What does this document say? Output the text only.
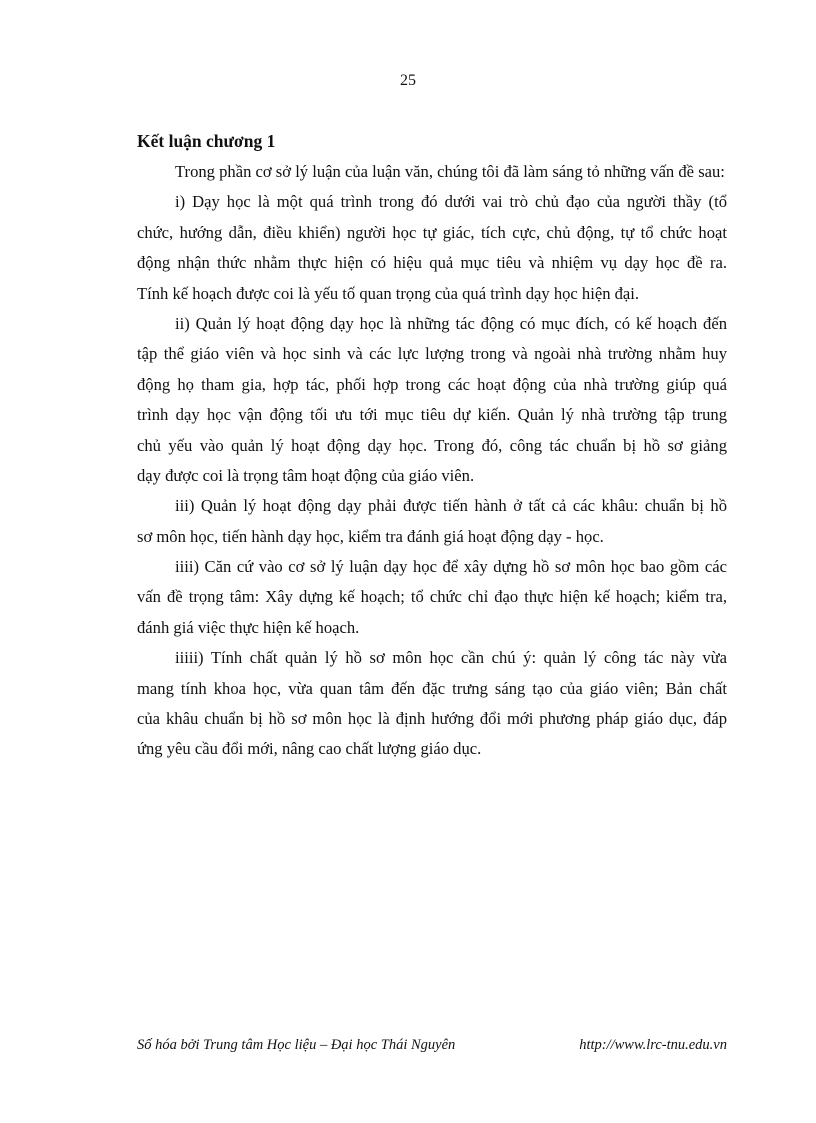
25
Kết luận chương 1
Trong phần cơ sở lý luận của luận văn, chúng tôi đã làm sáng tỏ những vấn đề sau:
i) Dạy học là một quá trình trong đó dưới vai trò chủ đạo của người thầy (tổ
chức, hướng dẫn, điều khiển) người học tự giác, tích cực, chủ động, tự tổ chức hoạt
động nhận thức nhằm thực hiện có hiệu quả mục tiêu và nhiệm vụ dạy học đề ra.
Tính kế hoạch được coi là yếu tố quan trọng của quá trình dạy học hiện đại.
ii) Quản lý hoạt động dạy học là những tác động có mục đích, có kế hoạch đến
tập thể giáo viên và học sinh và các lực lượng trong và ngoài nhà trường nhằm huy
động họ tham gia, hợp tác, phối hợp trong các hoạt động của nhà trường giúp quá
trình dạy học vận động tối ưu tới mục tiêu dự kiến. Quản lý nhà trường tập trung
chủ yếu vào quản lý hoạt động dạy học. Trong đó, công tác chuẩn bị hồ sơ giảng
dạy được coi là trọng tâm hoạt động của giáo viên.
iii) Quản lý hoạt động dạy phải được tiến hành ở tất cả các khâu: chuẩn bị hồ
sơ môn học, tiến hành dạy học, kiểm tra đánh giá hoạt động dạy - học.
iiii) Căn cứ vào cơ sở lý luận dạy học để xây dựng hồ sơ môn học bao gồm các
vấn đề trọng tâm: Xây dựng kế hoạch; tổ chức chỉ đạo thực hiện kế hoạch; kiểm tra,
đánh giá việc thực hiện kế hoạch.
iiiii) Tính chất quản lý hồ sơ môn học cần chú ý: quản lý công tác này vừa
mang tính khoa học, vừa quan tâm đến đặc trưng sáng tạo của giáo viên; Bản chất
của khâu chuẩn bị hồ sơ môn học là định hướng đổi mới phương pháp giáo dục, đáp
ứng yêu cầu đổi mới, nâng cao chất lượng giáo dục.
Số hóa bởi Trung tâm Học liệu – Đại học Thái Nguyên	http://www.lrc-tnu.edu.vn
